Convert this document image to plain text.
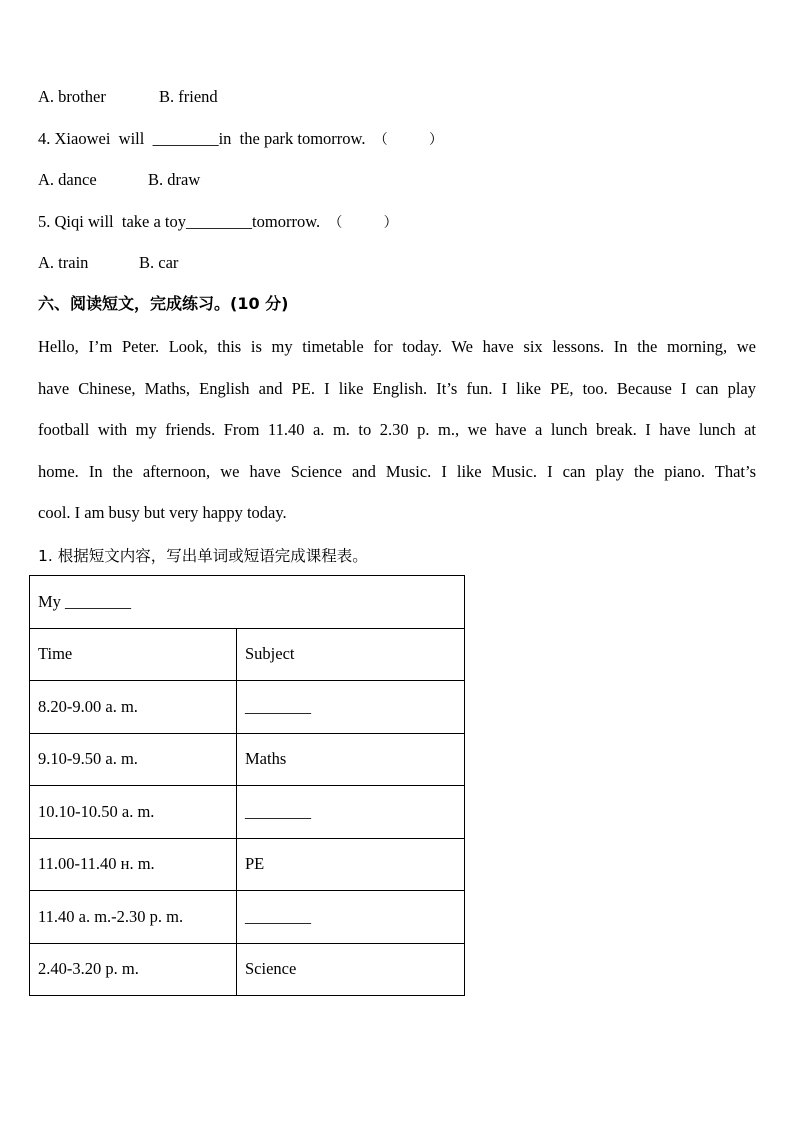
A. brother	B. friend
4. Xiaowei  will  ________in  the park tomorrow. （	）
A. dance	B. draw
5. Qiqi will  take a toy________tomorrow. （	）
A. train	B. car
六、阅读短文，完成练习。(10 分)
Hello, I’m Peter. Look, this is my timetable for today. We have six lessons. In the morning, we
have Chinese, Maths, English and PE. I like English. It’s fun. I like PE, too. Because I can play
football with my friends. From 11.40 a. m. to 2.30 p. m., we have a lunch break. I have lunch at
home. In the afternoon, we have Science and Music. I like Music. I can play the piano. That’s
cool. I am busy but very happy today.
1. 根据短文内容，写出单词或短语完成课程表。
My ________	
Time	Subject
8.20-9.00 a. m.	________
9.10-9.50 a. m.	Maths
10.10-10.50 a. m.	________
11.00-11.40 н. m.	PE
11.40 a. m.-2.30 p. m.	________
2.40-3.20 p. m.	Science
